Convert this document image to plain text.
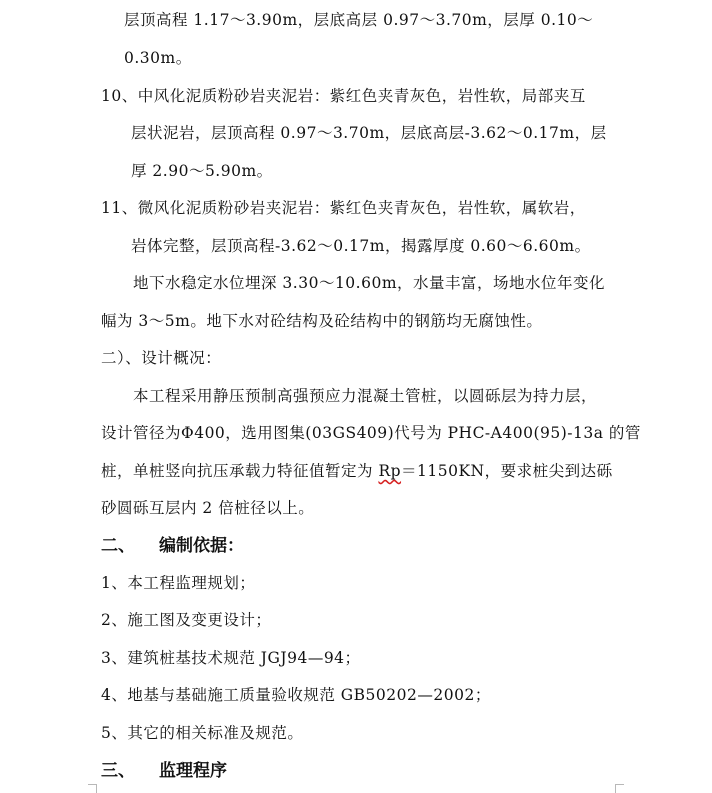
层顶高程 1.17～3.90m，层底高层 0.97～3.70m，层厚 0.10～
0.30m。
10、中风化泥质粉砂岩夹泥岩：紫红色夹青灰色，岩性软，局部夹互
层状泥岩，层顶高程 0.97～3.70m，层底高层-3.62～0.17m，层
厚 2.90～5.90m。
11、微风化泥质粉砂岩夹泥岩：紫红色夹青灰色，岩性软，属软岩，
岩体完整，层顶高程-3.62～0.17m，揭露厚度 0.60～6.60m。
地下水稳定水位埋深 3.30～10.60m，水量丰富，场地水位年变化
幅为 3～5m。地下水对砼结构及砼结构中的钢筋均无腐蚀性。
二）、设计概况：
本工程采用静压预制高强预应力混凝土管桩，以圆砾层为持力层，
设计管径为Φ400，选用图集(03GS409)代号为 PHC-A400(95)-13a 的管
桩，单桩竖向抗压承载力特征值暂定为 Rp＝1150KN，要求桩尖到达砾
砂圆砾互层内 2 倍桩径以上。
二、 编制依据：
1、本工程监理规划；
2、施工图及变更设计；
3、建筑桩基技术规范 JGJ94—94；
4、地基与基础施工质量验收规范 GB50202—2002；
5、其它的相关标准及规范。
三、 监理程序
